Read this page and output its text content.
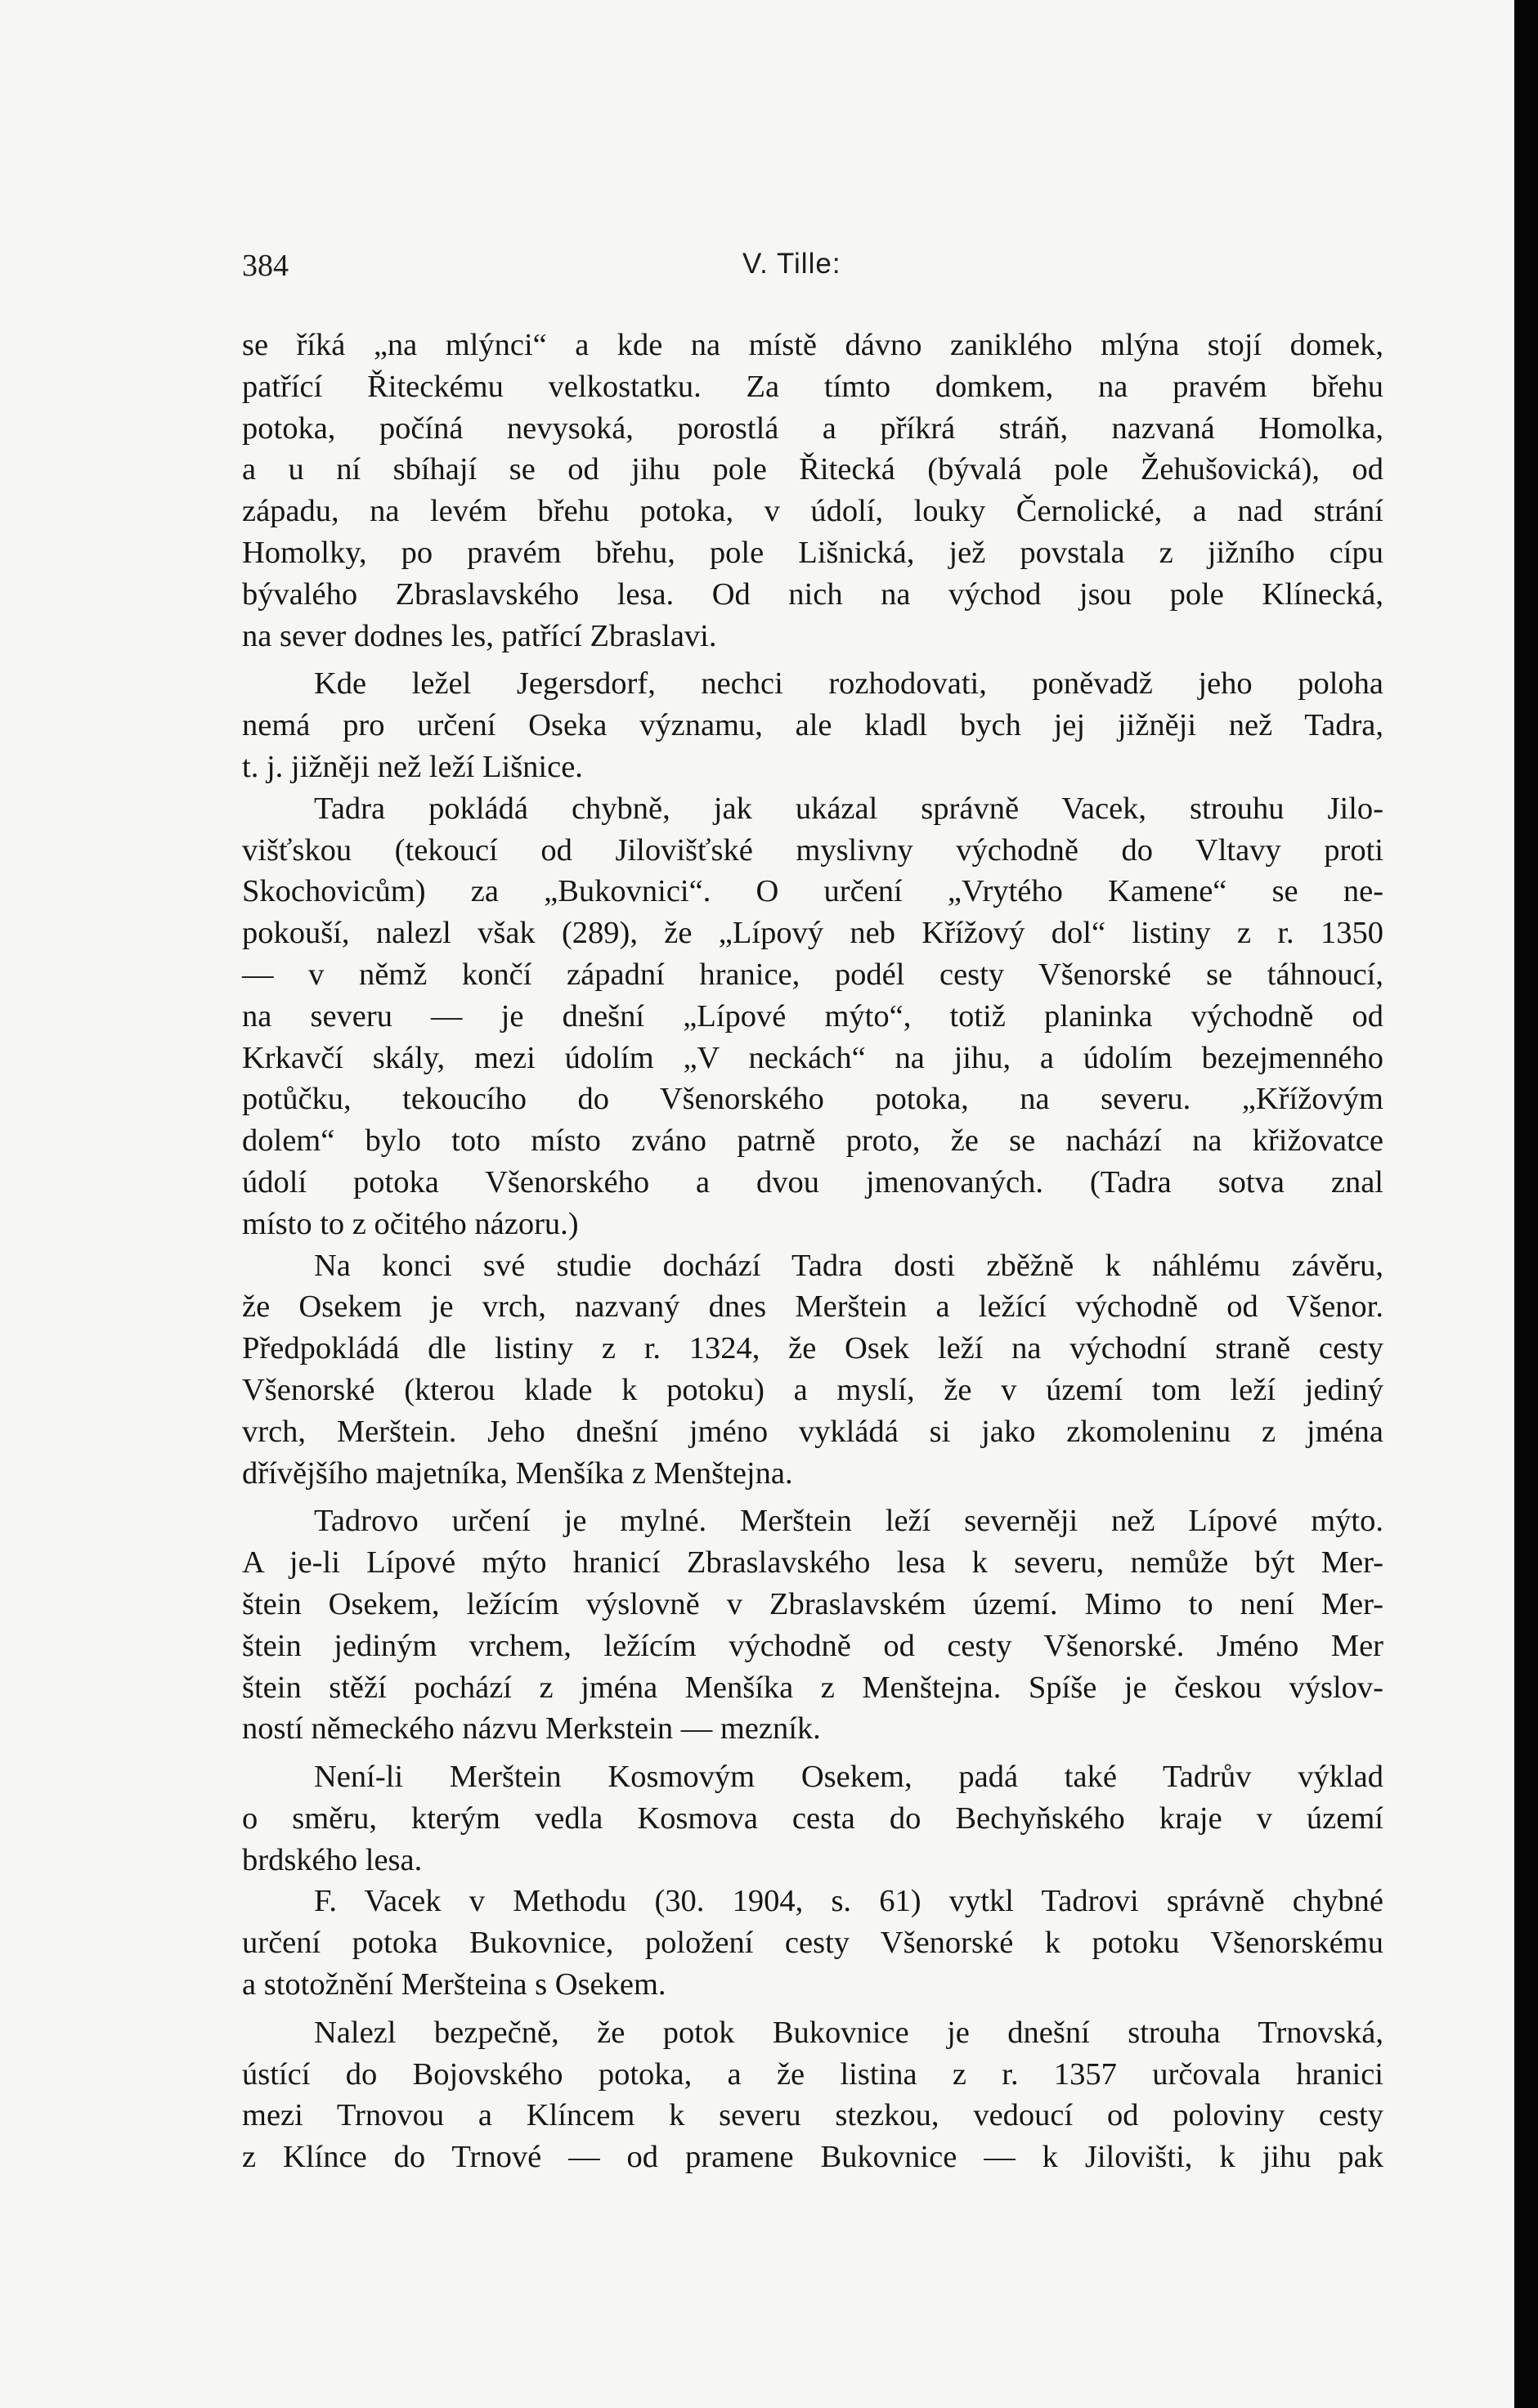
384	V. Tille:

se říká „na mlýnci“ a kde na místě dávno zaniklého mlýna stojí domek,
patřící Řiteckému velkostatku. Za tímto domkem, na pravém břehu
potoka, počíná nevysoká, porostlá a příkrá stráň, nazvaná Homolka,
a u ní sbíhají se od jihu pole Řitecká (bývalá pole Žehušovická), od
západu, na levém břehu potoka, v údolí, louky Černolické, a nad strání
Homolky, po pravém břehu, pole Lišnická, jež povstala z jižního cípu
bývalého Zbraslavského lesa. Od nich na východ jsou pole Klínecká,
na sever dodnes les, patřící Zbraslavi.

Kde ležel Jegersdorf, nechci rozhodovati, poněvadž jeho poloha
nemá pro určení Oseka významu, ale kladl bych jej jižněji než Tadra,
t. j. jižněji než leží Lišnice.

Tadra pokládá chybně, jak ukázal správně Vacek, strouhu Jilo-
višťskou (tekoucí od Jilovišťské myslivny východně do Vltavy proti
Skochovicům) za „Bukovnici“. O určení „Vrytého Kamene“ se ne-
pokouší, nalezl však (289), že „Lípový neb Křížový dol“ listiny z r. 1350
— v němž končí západní hranice, podél cesty Všenorské se táhnoucí,
na severu — je dnešní „Lípové mýto“, totiž planinka východně od
Krkavčí skály, mezi údolím „V neckách“ na jihu, a údolím bezejmenného
potůčku, tekoucího do Všenorského potoka, na severu. „Křížovým
dolem“ bylo toto místo zváno patrně proto, že se nachází na křižovatce
údolí potoka Všenorského a dvou jmenovaných. (Tadra sotva znal
místo to z očitého názoru.)

Na konci své studie dochází Tadra dosti zběžně k náhlému závěru,
že Osekem je vrch, nazvaný dnes Merštein a ležící východně od Všenor.
Předpokládá dle listiny z r. 1324, že Osek leží na východní straně cesty
Všenorské (kterou klade k potoku) a myslí, že v území tom leží jediný
vrch, Merštein. Jeho dnešní jméno vykládá si jako zkomoleninu z jména
dřívějšího majetníka, Menšíka z Menštejna.

Tadrovo určení je mylné. Merštein leží severněji než Lípové mýto.
A je-li Lípové mýto hranicí Zbraslavského lesa k severu, nemůže být Mer-
štein Osekem, ležícím výslovně v Zbraslavském území. Mimo to není Mer-
štein jediným vrchem, ležícím východně od cesty Všenorské. Jméno Mer
štein stěží pochází z jména Menšíka z Menštejna. Spíše je českou výslov-
ností německého názvu Merkstein — mezník.

Není-li Merštein Kosmovým Osekem, padá také Tadrův výklad
o směru, kterým vedla Kosmova cesta do Bechyňského kraje v území
brdského lesa.

F. Vacek v Methodu (30. 1904, s. 61) vytkl Tadrovi správně chybné
určení potoka Bukovnice, položení cesty Všenorské k potoku Všenorskému
a stotožnění Meršteina s Osekem.

Nalezl bezpečně, že potok Bukovnice je dnešní strouha Trnovská,
ústící do Bojovského potoka, a že listina z r. 1357 určovala hranici
mezi Trnovou a Klíncem k severu stezkou, vedoucí od poloviny cesty
z Klínce do Trnové — od pramene Bukovnice — k Jilovišti, k jihu pak
